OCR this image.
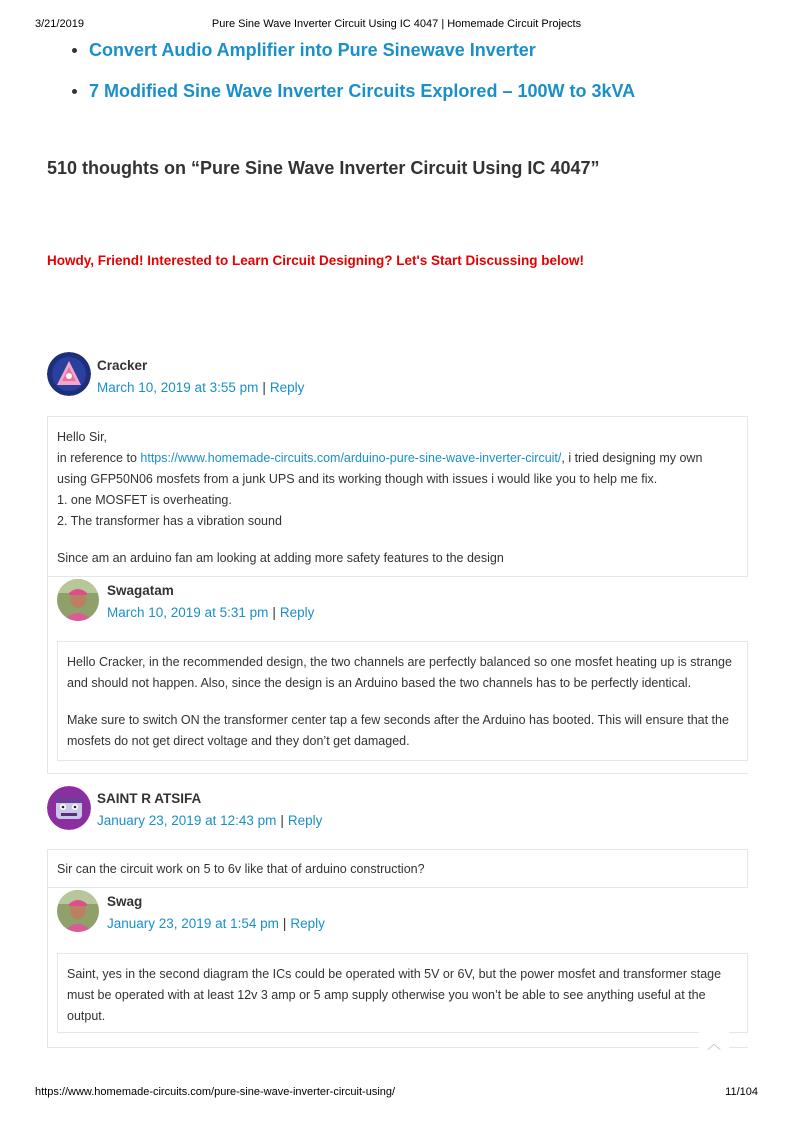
3/21/2019	Pure Sine Wave Inverter Circuit Using IC 4047 | Homemade Circuit Projects
Convert Audio Amplifier into Pure Sinewave Inverter
7 Modified Sine Wave Inverter Circuits Explored – 100W to 3kVA
510 thoughts on “Pure Sine Wave Inverter Circuit Using IC 4047”
Howdy, Friend! Interested to Learn Circuit Designing? Let's Start Discussing below!
Cracker
March 10, 2019 at 3:55 pm | Reply

Hello Sir,

in reference to https://www.homemade-circuits.com/arduino-pure-sine-wave-inverter-circuit/, i tried designing my own

using GFP50N06 mosfets from a junk UPS and its working though with issues i would like you to help me fix.

1. one MOSFET is overheating.

2. The transformer has a vibration sound

Since am an arduino fan am looking at adding more safety features to the design

Swagatam
March 10, 2019 at 5:31 pm | Reply

Hello Cracker, in the recommended design, the two channels are perfectly balanced so one mosfet heating up is strange

and should not happen. Also, since the design is an Arduino based the two channels has to be perfectly identical.

Make sure to switch ON the transformer center tap a few seconds after the Arduino has booted. This will ensure that the

mosfets do not get direct voltage and they don’t get damaged.

SAINT R ATSIFA
January 23, 2019 at 12:43 pm | Reply

Sir can the circuit work on 5 to 6v like that of arduino construction?

Swag
January 23, 2019 at 1:54 pm | Reply

Saint, yes in the second diagram the ICs could be operated with 5V or 6V, but the power mosfet and transformer stage

must be operated with at least 12v 3 amp or 5 amp supply otherwise you won’t be able to see anything useful at the

output.

︿
https://www.homemade-circuits.com/pure-sine-wave-inverter-circuit-using/	11/104
